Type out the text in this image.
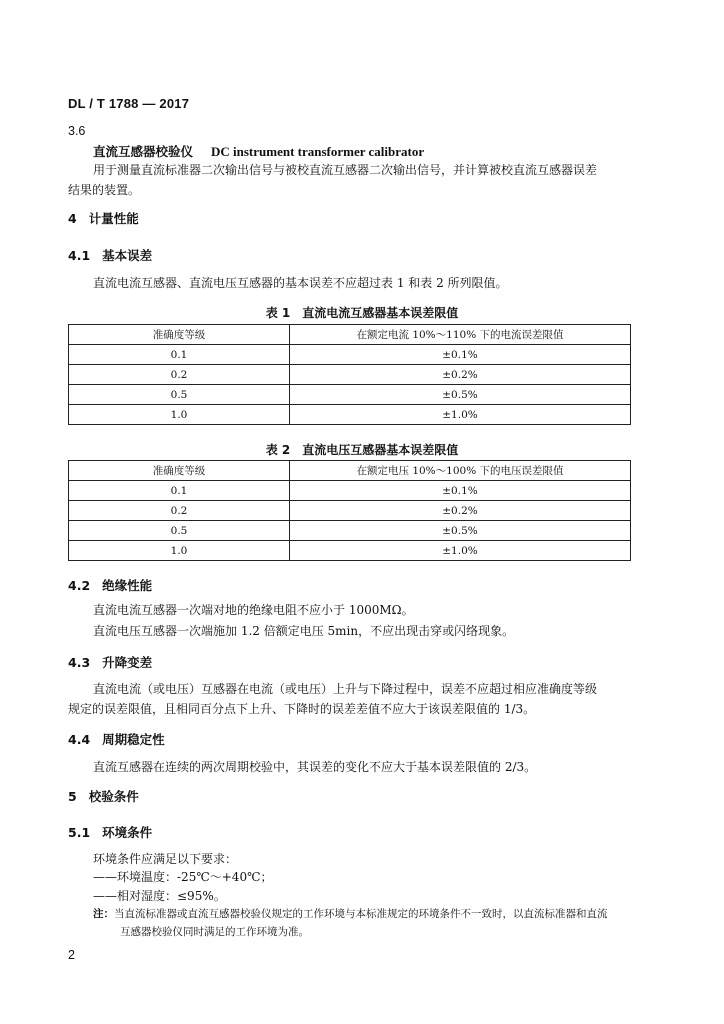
DL / T 1788 — 2017
3.6
直流互感器校验仪 DC instrument transformer calibrator
用于测量直流标准器二次输出信号与被校直流互感器二次输出信号，并计算被校直流互感器误差
结果的装置。
4 计量性能
4.1 基本误差
直流电流互感器、直流电压互感器的基本误差不应超过表 1 和表 2 所列限值。
表 1　直流电流互感器基本误差限值
准确度等级	在额定电流 10%～110% 下的电流误差限值
0.1	±0.1%
0.2	±0.2%
0.5	±0.5%
1.0	±1.0%
表 2　直流电压互感器基本误差限值
准确度等级	在额定电压 10%～100% 下的电压误差限值
0.1	±0.1%
0.2	±0.2%
0.5	±0.5%
1.0	±1.0%
4.2 绝缘性能
直流电流互感器一次端对地的绝缘电阻不应小于 1000MΩ。
直流电压互感器一次端施加 1.2 倍额定电压 5min，不应出现击穿或闪络现象。
4.3 升降变差
直流电流（或电压）互感器在电流（或电压）上升与下降过程中，误差不应超过相应准确度等级
规定的误差限值，且相同百分点下上升、下降时的误差差值不应大于该误差限值的 1/3。
4.4 周期稳定性
直流互感器在连续的两次周期校验中，其误差的变化不应大于基本误差限值的 2/3。
5 校验条件
5.1 环境条件
环境条件应满足以下要求：
——环境温度：-25℃～+40℃；
——相对湿度：≤95%。
注：当直流标准器或直流互感器校验仪规定的工作环境与本标准规定的环境条件不一致时，以直流标准器和直流
互感器校验仪同时满足的工作环境为准。
2
